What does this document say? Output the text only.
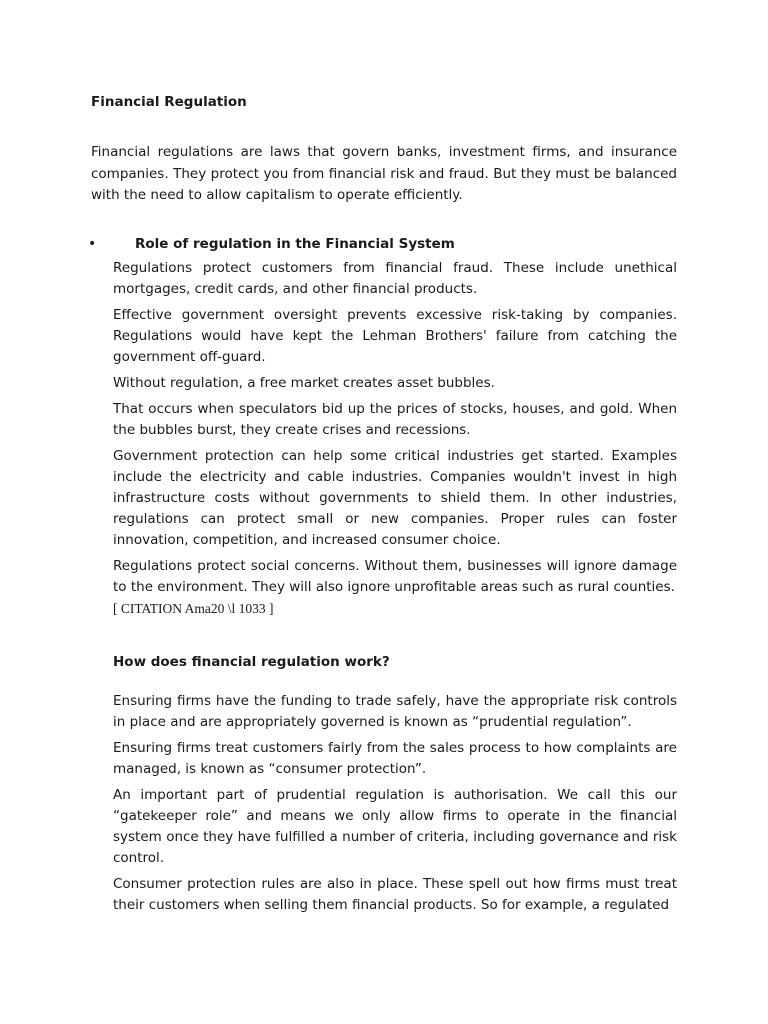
Financial Regulation

Financial regulations are laws that govern banks, investment firms, and insurance companies. They protect you from financial risk and fraud. But they must be balanced with the need to allow capitalism to operate efficiently.

•	Role of regulation in the Financial System

Regulations protect customers from financial fraud. These include unethical mortgages, credit cards, and other financial products.

Effective government oversight prevents excessive risk-taking by companies. Regulations would have kept the Lehman Brothers' failure from catching the government off-guard.

Without regulation, a free market creates asset bubbles.

That occurs when speculators bid up the prices of stocks, houses, and gold. When the bubbles burst, they create crises and recessions.

Government protection can help some critical industries get started. Examples include the electricity and cable industries. Companies wouldn't invest in high infrastructure costs without governments to shield them. In other industries, regulations can protect small or new companies. Proper rules can foster innovation, competition, and increased consumer choice.

Regulations protect social concerns. Without them, businesses will ignore damage to the environment. They will also ignore unprofitable areas such as rural counties.
[ CITATION Ama20 \l 1033 ]

How does financial regulation work?

Ensuring firms have the funding to trade safely, have the appropriate risk controls in place and are appropriately governed is known as “prudential regulation”.

Ensuring firms treat customers fairly from the sales process to how complaints are managed, is known as “consumer protection”.

An important part of prudential regulation is authorisation. We call this our “gatekeeper role” and means we only allow firms to operate in the financial system once they have fulfilled a number of criteria, including governance and risk control.

Consumer protection rules are also in place. These spell out how firms must treat their customers when selling them financial products. So for example, a regulated
